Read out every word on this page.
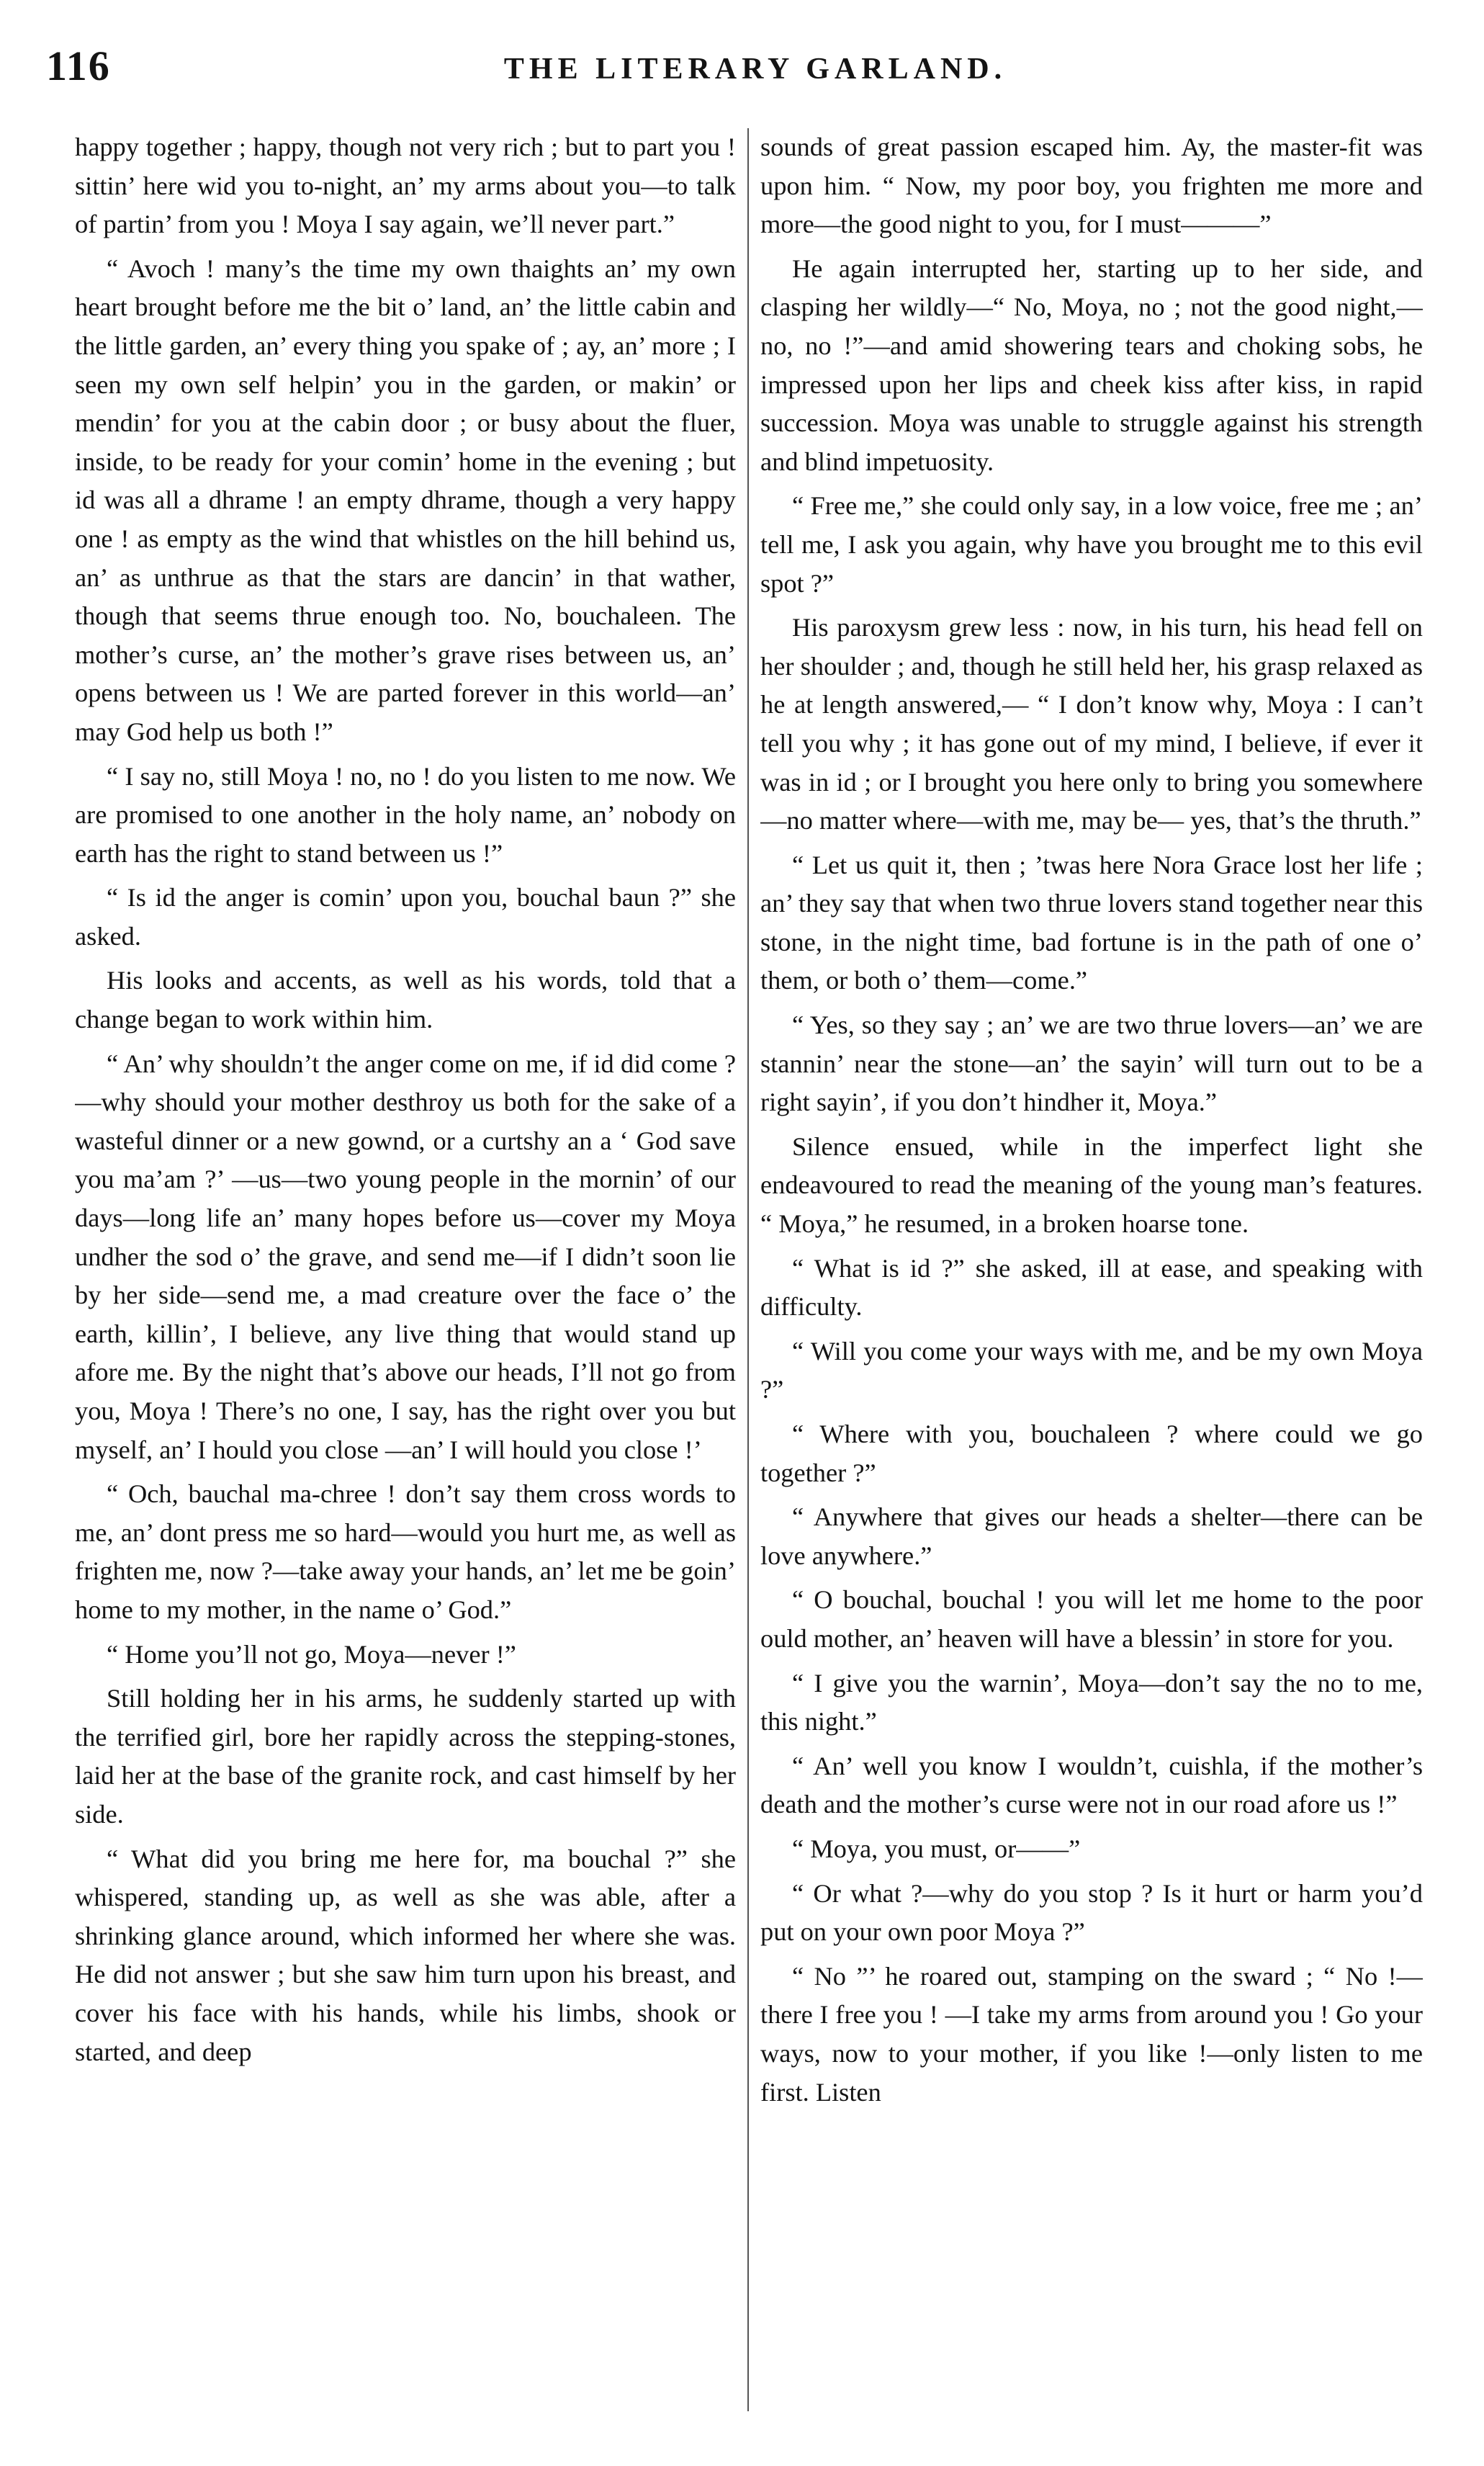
116	THE LITERARY GARLAND.

happy together ; happy, though not very rich ; but to part you ! sittin’ here wid you to-night, an’ my arms about you—to talk of partin’ from you ! Moya I say again, we’ll never part.”

“ Avoch ! many’s the time my own thaights an’ my own heart brought before me the bit o’ land, an’ the little cabin and the little garden, an’ every thing you spake of ; ay, an’ more ; I seen my own self helpin’ you in the garden, or makin’ or mendin’ for you at the cabin door ; or busy about the fluer, inside, to be ready for your comin’ home in the evening ; but id was all a dhrame ! an empty dhrame, though a very happy one ! as empty as the wind that whistles on the hill behind us, an’ as unthrue as that the stars are dancin’ in that wather, though that seems thrue enough too. No, bouchaleen. The mother’s curse, an’ the mother’s grave rises between us, an’ opens between us ! We are parted forever in this world—an’ may God help us both !”

“ I say no, still Moya ! no, no ! do you listen to me now. We are promised to one another in the holy name, an’ nobody on earth has the right to stand between us !”

“ Is id the anger is comin’ upon you, bouchal baun ?” she asked.

His looks and accents, as well as his words, told that a change began to work within him.

“ An’ why shouldn’t the anger come on me, if id did come ?—why should your mother desthroy us both for the sake of a wasteful dinner or a new gownd, or a curtshy an a ‘ God save you ma’am ?’ —us—two young people in the mornin’ of our days—long life an’ many hopes before us—cover my Moya undher the sod o’ the grave, and send me—if I didn’t soon lie by her side—send me, a mad creature over the face o’ the earth, killin’, I believe, any live thing that would stand up afore me. By the night that’s above our heads, I’ll not go from you, Moya ! There’s no one, I say, has the right over you but myself, an’ I hould you close —an’ I will hould you close !’

“ Och, bauchal ma-chree ! don’t say them cross words to me, an’ dont press me so hard—would you hurt me, as well as frighten me, now ?—take away your hands, an’ let me be goin’ home to my mother, in the name o’ God.”

“ Home you’ll not go, Moya—never !”

Still holding her in his arms, he suddenly started up with the terrified girl, bore her rapidly across the stepping-stones, laid her at the base of the granite rock, and cast himself by her side.

“ What did you bring me here for, ma bouchal ?” she whispered, standing up, as well as she was able, after a shrinking glance around, which informed her where she was. He did not answer ; but she saw him turn upon his breast, and cover his face with his hands, while his limbs, shook or started, and deep

sounds of great passion escaped him. Ay, the master-fit was upon him. “ Now, my poor boy, you frighten me more and more—the good night to you, for I must———”

He again interrupted her, starting up to her side, and clasping her wildly—“ No, Moya, no ; not the good night,—no, no !”—and amid showering tears and choking sobs, he impressed upon her lips and cheek kiss after kiss, in rapid succession. Moya was unable to struggle against his strength and blind impetuosity.

“ Free me,” she could only say, in a low voice, free me ; an’ tell me, I ask you again, why have you brought me to this evil spot ?”

His paroxysm grew less : now, in his turn, his head fell on her shoulder ; and, though he still held her, his grasp relaxed as he at length answered,— “ I don’t know why, Moya : I can’t tell you why ; it has gone out of my mind, I believe, if ever it was in id ; or I brought you here only to bring you somewhere—no matter where—with me, may be— yes, that’s the thruth.”

“ Let us quit it, then ; ’twas here Nora Grace lost her life ; an’ they say that when two thrue lovers stand together near this stone, in the night time, bad fortune is in the path of one o’ them, or both o’ them—come.”

“ Yes, so they say ; an’ we are two thrue lovers—an’ we are stannin’ near the stone—an’ the sayin’ will turn out to be a right sayin’, if you don’t hindher it, Moya.”

Silence ensued, while in the imperfect light she endeavoured to read the meaning of the young man’s features. “ Moya,” he resumed, in a broken hoarse tone.

“ What is id ?” she asked, ill at ease, and speaking with difficulty.

“ Will you come your ways with me, and be my own Moya ?”

“ Where with you, bouchaleen ? where could we go together ?”

“ Anywhere that gives our heads a shelter—there can be love anywhere.”

“ O bouchal, bouchal ! you will let me home to the poor ould mother, an’ heaven will have a blessin’ in store for you.

“ I give you the warnin’, Moya—don’t say the no to me, this night.”

“ An’ well you know I wouldn’t, cuishla, if the mother’s death and the mother’s curse were not in our road afore us !”

“ Moya, you must, or——”

“ Or what ?—why do you stop ? Is it hurt or harm you’d put on your own poor Moya ?”

“ No ”’ he roared out, stamping on the sward ; “ No !—there I free you ! —I take my arms from around you ! Go your ways, now to your mother, if you like !—only listen to me first. Listen
